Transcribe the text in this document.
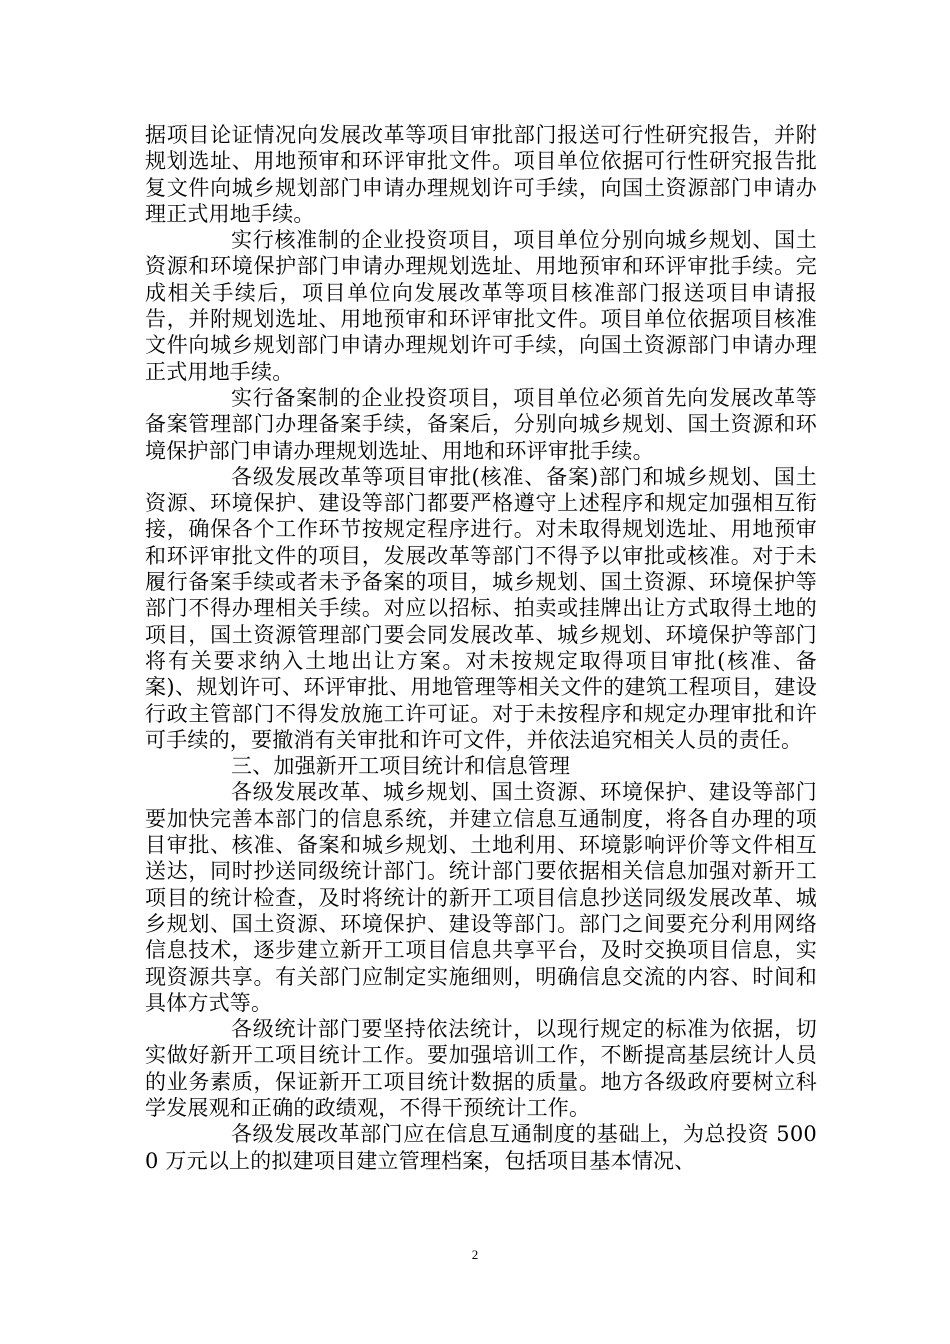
据项目论证情况向发展改革等项目审批部门报送可行性研究报告，并附规划选址、用地预审和环评审批文件。项目单位依据可行性研究报告批复文件向城乡规划部门申请办理规划许可手续，向国土资源部门申请办理正式用地手续。

实行核准制的企业投资项目，项目单位分别向城乡规划、国土资源和环境保护部门申请办理规划选址、用地预审和环评审批手续。完成相关手续后，项目单位向发展改革等项目核准部门报送项目申请报告，并附规划选址、用地预审和环评审批文件。项目单位依据项目核准文件向城乡规划部门申请办理规划许可手续，向国土资源部门申请办理正式用地手续。

实行备案制的企业投资项目，项目单位必须首先向发展改革等备案管理部门办理备案手续，备案后，分别向城乡规划、国土资源和环境保护部门申请办理规划选址、用地和环评审批手续。

各级发展改革等项目审批(核准、备案)部门和城乡规划、国土资源、环境保护、建设等部门都要严格遵守上述程序和规定加强相互衔接，确保各个工作环节按规定程序进行。对未取得规划选址、用地预审和环评审批文件的项目，发展改革等部门不得予以审批或核准。对于未履行备案手续或者未予备案的项目，城乡规划、国土资源、环境保护等部门不得办理相关手续。对应以招标、拍卖或挂牌出让方式取得土地的项目，国土资源管理部门要会同发展改革、城乡规划、环境保护等部门将有关要求纳入土地出让方案。对未按规定取得项目审批(核准、备案)、规划许可、环评审批、用地管理等相关文件的建筑工程项目，建设行政主管部门不得发放施工许可证。对于未按程序和规定办理审批和许可手续的，要撤消有关审批和许可文件，并依法追究相关人员的责任。

三、加强新开工项目统计和信息管理

各级发展改革、城乡规划、国土资源、环境保护、建设等部门要加快完善本部门的信息系统，并建立信息互通制度，将各自办理的项目审批、核准、备案和城乡规划、土地利用、环境影响评价等文件相互送达，同时抄送同级统计部门。统计部门要依据相关信息加强对新开工项目的统计检查，及时将统计的新开工项目信息抄送同级发展改革、城乡规划、国土资源、环境保护、建设等部门。部门之间要充分利用网络信息技术，逐步建立新开工项目信息共享平台，及时交换项目信息，实现资源共享。有关部门应制定实施细则，明确信息交流的内容、时间和具体方式等。

各级统计部门要坚持依法统计，以现行规定的标准为依据，切实做好新开工项目统计工作。要加强培训工作，不断提高基层统计人员的业务素质，保证新开工项目统计数据的质量。地方各级政府要树立科学发展观和正确的政绩观，不得干预统计工作。

各级发展改革部门应在信息互通制度的基础上，为总投资 5000 万元以上的拟建项目建立管理档案，包括项目基本情况、

2
